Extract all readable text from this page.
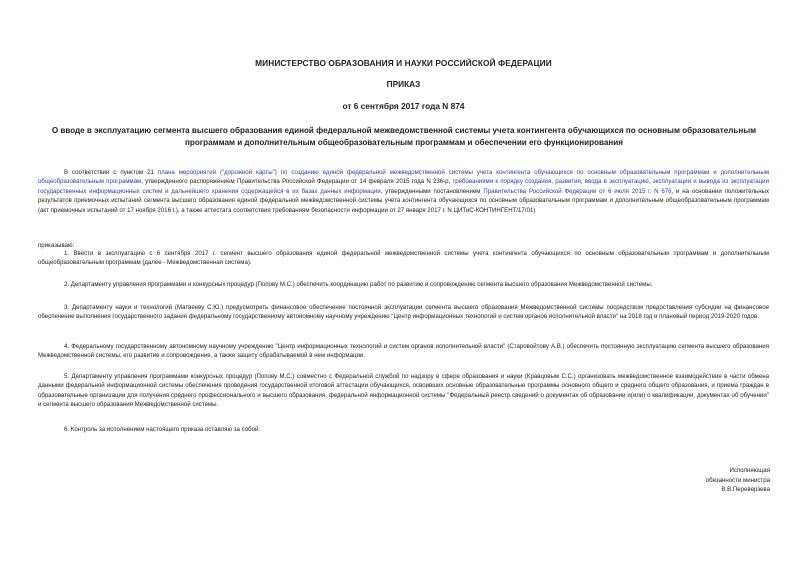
МИНИСТЕРСТВО ОБРАЗОВАНИЯ И НАУКИ РОССИЙСКОЙ ФЕДЕРАЦИИ
ПРИКАЗ
от 6 сентября 2017 года N 874
О вводе в эксплуатацию сегмента высшего образования единой федеральной межведомственной системы учета контингента обучающихся по основным образовательным программам и дополнительным общеобразовательным программам и обеспечении его функционирования
В соответствии с пунктом 21 плана мероприятий ("дорожной карты") по созданию единой федеральной межведомственной системы учета контингента обучающихся по основным образовательным программам и дополнительным общеобразовательным программам, утвержденного распоряжением Правительства Российской Федерации от 14 февраля 2015 года N 236-р, требованиями к порядку создания, развития, ввода в эксплуатацию, эксплуатации и вывода из эксплуатации государственных информационных систем и дальнейшего хранения содержащейся в их базах данных информации, утвержденными постановлением Правительства Российской Федерации от 6 июля 2015 г. N 676, и на основании положительных результатов приемочных испытаний сегмента высшего образования единой федеральной межведомственной системы учета контингента обучающихся по основным образовательным программам и дополнительным общеобразовательным программам (акт приемочных испытаний от 17 ноября 2016 г.), а также аттестата соответствия требованиям безопасности информации от 27 января 2017 г. N ЦИТиС-КОНТИНГЕНТ/17/01)
приказываю:
1. Ввести в эксплуатацию с 6 сентября 2017 г. сегмент высшего образования единой федеральной межведомственной системы учета контингента обучающихся по основным образовательным программам и дополнительным общеобразовательным программам (далее - Межведомственная система).
2. Департаменту управления программами и конкурсных процедур (Попову М.С.) обеспечить координацию работ по развитию и сопровождению сегмента высшего образования Межведомственной системы.
3. Департаменту науки и технологий (Матвееву С.Ю.) предусмотреть финансовое обеспечение постоянной эксплуатации сегмента высшего образования Межведомственной системы посредством предоставления субсидии на финансовое обеспечение выполнения государственного задания федеральному государственному автономному научному учреждению "Центр информационных технологий и систем органов исполнительной власти" на 2018 год и плановый период 2019-2020 годов.
4. Федеральному государственному автономному научному учреждению "Центр информационных технологий и систем органов исполнительной власти" (Старовойтову А.В.) обеспечить постоянную эксплуатацию сегмента высшего образования Межведомственной системы, его развитие и сопровождение, а также защиту обрабатываемой в нем информации.
5. Департаменту управления программами конкурсных процедур (Попову М.С.) совместно с Федеральной службой по надзору в сфере образования и науки (Кравцовым С.С.) организовать межведомственное взаимодействие в части обмена данными федеральной информационной системы обеспечения проведения государственной итоговой аттестации обучающихся, освоивших основные образовательные программы основного общего и среднего общего образования, и приема граждан в образовательные организации для получения среднего профессионального и высшего образования, федеральной информационной системы "Федеральный реестр сведений о документах об образовании и(или) о квалификации, документах об обучении" и сегмента высшего образования Межведомственной системы.
6. Контроль за исполнением настоящего приказа оставляю за собой.
Исполняющая
обязанности министра
В.В.Переверзева
